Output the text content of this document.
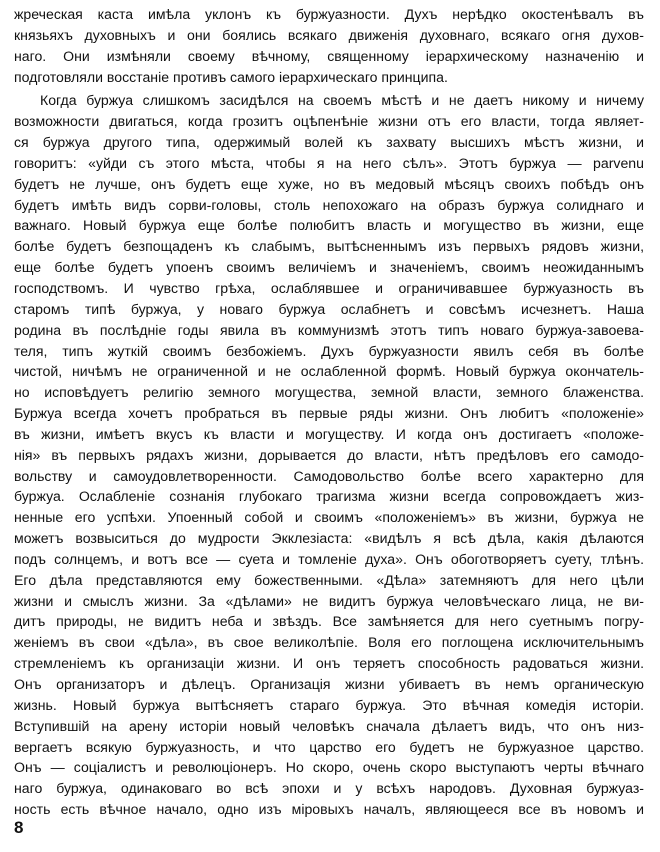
жреческая каста имѣла уклонъ къ буржуазности. Духъ нерѣдко окостенѣвалъ въ
князьяхъ духовныхъ и они боялись всякаго движенія духовнаго, всякаго огня духов-
наго. Они измѣняли своему вѣчному, священному іерархическому назначенію и
подготовляли восстаніе противъ самого іерархическаго принципа.
Когда буржуа слишкомъ засидѣлся на своемъ мѣстѣ и не даетъ никому и ничему
возможности двигаться, когда грозитъ оцѣпенѣніе жизни отъ его власти, тогда являет-
ся буржуа другого типа, одержимый волей къ захвату высшихъ мѣстъ жизни, и
говоритъ: «уйди съ этого мѣста, чтобы я на него сѣлъ». Этотъ буржуа — parvenu
будетъ не лучше, онъ будетъ еще хуже, но въ медовый мѣсяцъ своихъ побѣдъ онъ
будетъ имѣть видъ сорви-головы, столь непохожаго на образъ буржуа солиднаго и
важнаго. Новый буржуа еще болѣе полюбитъ власть и могущество въ жизни, еще
болѣе будетъ безпощаденъ къ слабымъ, вытѣсненнымъ изъ первыхъ рядовъ жизни,
еще болѣе будетъ упоенъ своимъ величіемъ и значеніемъ, своимъ неожиданнымъ
господствомъ. И чувство грѣха, ослаблявшее и ограничивавшее буржуазность въ
старомъ типѣ буржуа, у новаго буржуа ослабнетъ и совсѣмъ исчезнетъ. Наша
родина въ послѣдніе годы явила въ коммунизмѣ этотъ типъ новаго буржуа-завоева-
теля, типъ жуткій своимъ безбожіемъ. Духъ буржуазности явилъ себя въ болѣе
чистой, ничѣмъ не ограниченной и не ослабленной формѣ. Новый буржуа окончатель-
но исповѣдуетъ религію земного могущества, земной власти, земного блаженства.
Буржуа всегда хочетъ пробраться въ первые ряды жизни. Онъ любитъ «положеніе»
въ жизни, имѣетъ вкусъ къ власти и могуществу. И когда онъ достигаетъ «положе-
нія» въ первыхъ рядахъ жизни, дорывается до власти, нѣтъ предѣловъ его самодо-
вольству и самоудовлетворенности. Самодовольство болѣе всего характерно для
буржуа. Ослабленіе сознанія глубокаго трагизма жизни всегда сопровождаетъ жиз-
ненные его успѣхи. Упоенный собой и своимъ «положеніемъ» въ жизни, буржуа не
можетъ возвыситься до мудрости Экклезіаста: «видѣлъ я всѣ дѣла, какія дѣлаются
подъ солнцемъ, и вотъ все — суета и томленіе духа». Онъ обоготворяетъ суету, тлѣнъ.
Его дѣла представляются ему божественными. «Дѣла» затемняютъ для него цѣли
жизни и смыслъ жизни. За «дѣлами» не видитъ буржуа человѣческаго лица, не ви-
дитъ природы, не видитъ неба и звѣздъ. Все замѣняется для него суетнымъ погру-
женіемъ въ свои «дѣла», въ свое великолѣпіе. Воля его поглощена исключительнымъ
стремленіемъ къ организаціи жизни. И онъ теряетъ способность радоваться жизни.
Онъ организаторъ и дѣлецъ. Организація жизни убиваетъ въ немъ органическую
жизнь. Новый буржуа вытѣсняетъ стараго буржуа. Это вѣчная комедія исторіи.
Вступившій на арену исторіи новый человѣкъ сначала дѣлаетъ видъ, что онъ низ-
вергаетъ всякую буржуазность, и что царство его будетъ не буржуазное царство.
Онъ — соціалистъ и революціонеръ. Но скоро, очень скоро выступаютъ черты вѣчнаго
наго буржуа, одинаковаго во всѣ эпохи и у всѣхъ народовъ. Духовная буржуаз-
ность есть вѣчное начало, одно изъ міровыхъ началъ, являющееся все въ новомъ и
8
